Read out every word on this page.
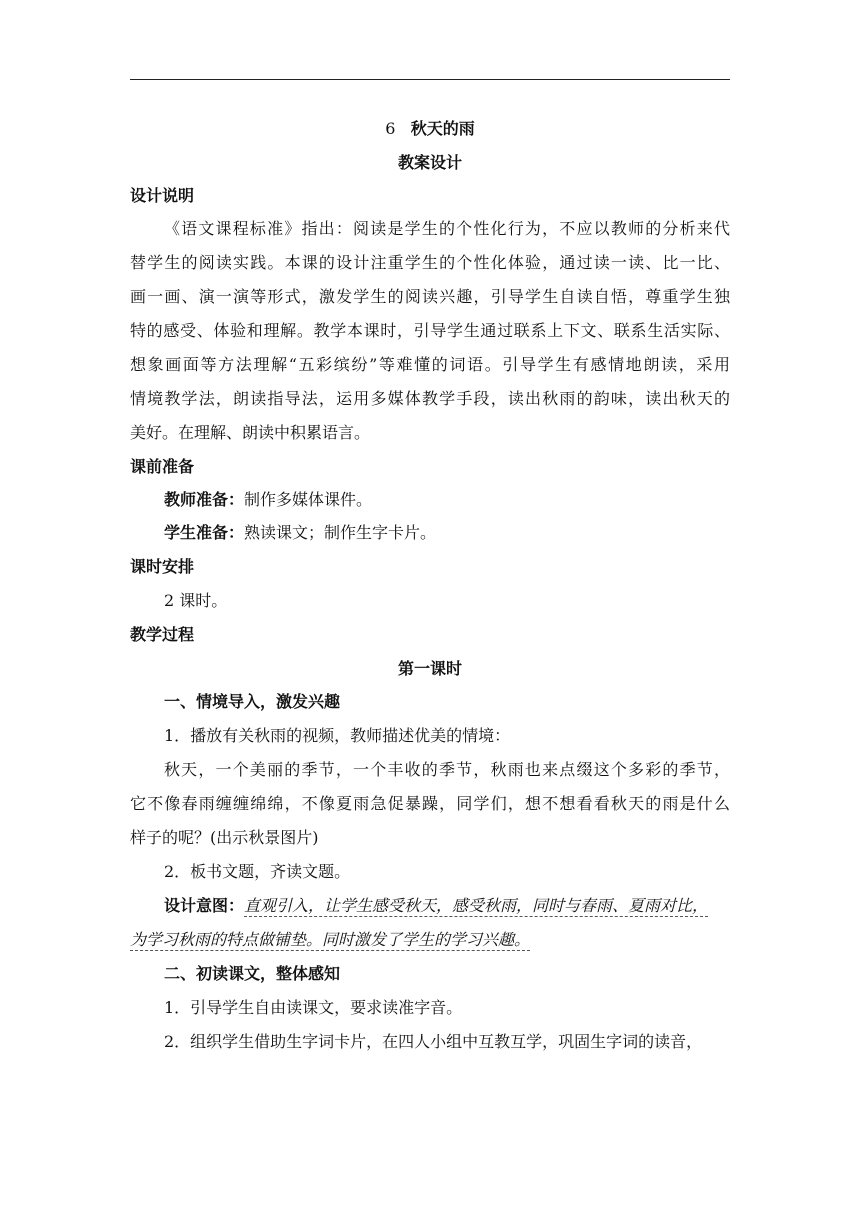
6 秋天的雨
教案设计
设计说明
《语文课程标准》指出：阅读是学生的个性化行为，不应以教师的分析来代
替学生的阅读实践。本课的设计注重学生的个性化体验，通过读一读、比一比、
画一画、演一演等形式，激发学生的阅读兴趣，引导学生自读自悟，尊重学生独
特的感受、体验和理解。教学本课时，引导学生通过联系上下文、联系生活实际、
想象画面等方法理解“五彩缤纷”等难懂的词语。引导学生有感情地朗读，采用
情境教学法，朗读指导法，运用多媒体教学手段，读出秋雨的韵味，读出秋天的
美好。在理解、朗读中积累语言。
课前准备
教师准备：制作多媒体课件。
学生准备：熟读课文；制作生字卡片。
课时安排
2 课时。
教学过程
第一课时
一、情境导入，激发兴趣
1．播放有关秋雨的视频，教师描述优美的情境：
秋天，一个美丽的季节，一个丰收的季节，秋雨也来点缀这个多彩的季节，
它不像春雨缠缠绵绵，不像夏雨急促暴躁，同学们，想不想看看秋天的雨是什么
样子的呢？(出示秋景图片)
2．板书文题，齐读文题。
设计意图：直观引入，让学生感受秋天，感受秋雨，同时与春雨、夏雨对比，
为学习秋雨的特点做铺垫。同时激发了学生的学习兴趣。
二、初读课文，整体感知
1．引导学生自由读课文，要求读准字音。
2．组织学生借助生字词卡片，在四人小组中互教互学，巩固生字词的读音，
